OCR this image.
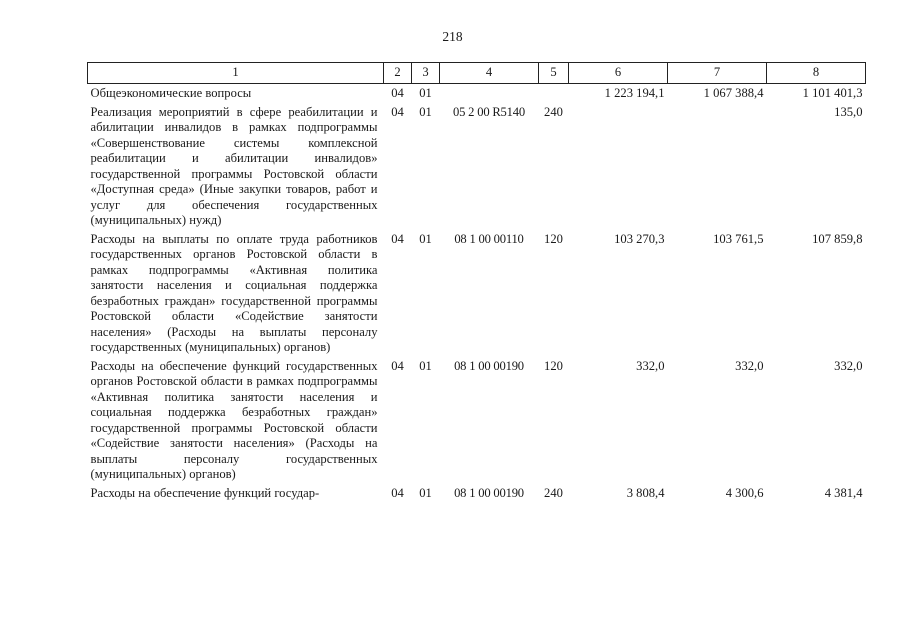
218
1	2	3	4	5	6	7	8
Общеэкономические вопросы	04	01			1 223 194,1	1 067 388,4	1 101 401,3
Реализация мероприятий в сфере реабилитации и абилитации инвалидов в рамках подпрограммы «Совершенствование системы комплексной реабилитации и абилитации инвалидов» государственной программы Ростовской области «Доступная среда» (Иные закупки товаров, работ и услуг для обеспечения государственных (муниципальных) нужд)	04	01	05 2 00 R5140	240			135,0
Расходы на выплаты по оплате труда работников государственных органов Ростовской области в рамках подпрограммы «Активная политика занятости населения и социальная поддержка безработных граждан» государственной программы Ростовской области «Содействие занятости населения» (Расходы на выплаты персоналу государственных (муниципальных) органов)	04	01	08 1 00 00110	120	103 270,3	103 761,5	107 859,8
Расходы на обеспечение функций государственных органов Ростовской области в рамках подпрограммы «Активная политика занятости населения и социальная поддержка безработных граждан» государственной программы Ростовской области «Содействие занятости населения» (Расходы на выплаты персоналу государственных (муниципальных) органов)	04	01	08 1 00 00190	120	332,0	332,0	332,0
Расходы на обеспечение функций государ-	04	01	08 1 00 00190	240	3 808,4	4 300,6	4 381,4
